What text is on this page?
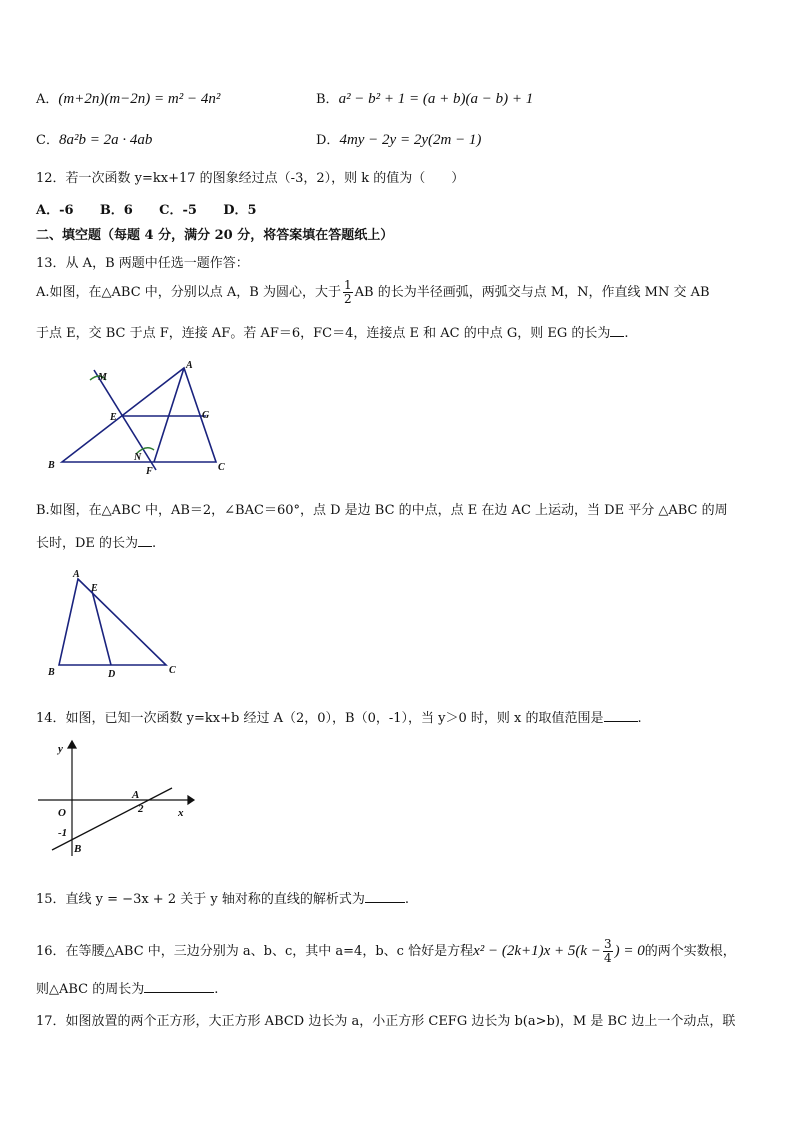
A．(m+2n)(m−2n) = m² − 4n²	B．a² − b² + 1 = (a + b)(a − b) + 1
C．8a²b = 2a · 4ab	D．4my − 2y = 2y(2m − 1)
12．若一次函数 y=kx+17 的图象经过点（-3，2），则 k 的值为（　　）
A．-6 B．6 C．-5 D．5
二、填空题（每题 4 分，满分 20 分，将答案填在答题纸上）
13．从 A，B 两题中任选一题作答：
A.如图，在△ABC 中，分别以点 A，B 为圆心，大于 $\frac{1}{2}$ AB 的长为半径画弧，两弧交与点 M，N，作直线 MN 交 AB
于点 E，交 BC 于点 F，连接 AF。若 AF＝6，FC＝4，连接点 E 和 AC 的中点 G，则 EG 的长为 .
A
B	C
E	G
F
M
N
B.如图，在△ABC 中，AB＝2，∠BAC＝60°，点 D 是边 BC 的中点，点 E 在边 AC 上运动，当 DE 平分 △ABC 的周
长时，DE 的长为 .
A
E
B	D	C
14．如图，已知一次函数 y=kx+b 经过 A（2，0），B（0，-1），当 y＞0 时，则 x 的取值范围是	.
y
x
O
A
2
-1
B
15．直线 y = −3x + 2 关于 y 轴对称的直线的解析式为	.
16．在等腰△ABC 中，三边分别为 a、b、c，其中 a=4，b、c 恰好是方程$x^2 - (2k+1)x + 5(k - \frac{3}{4}$ ) = 0的两个实数根，
则△ABC 的周长为	.
17．如图放置的两个正方形，大正方形 ABCD 边长为 a，小正方形 CEFG 边长为 b(a>b)，M 是 BC 边上一个动点，联
